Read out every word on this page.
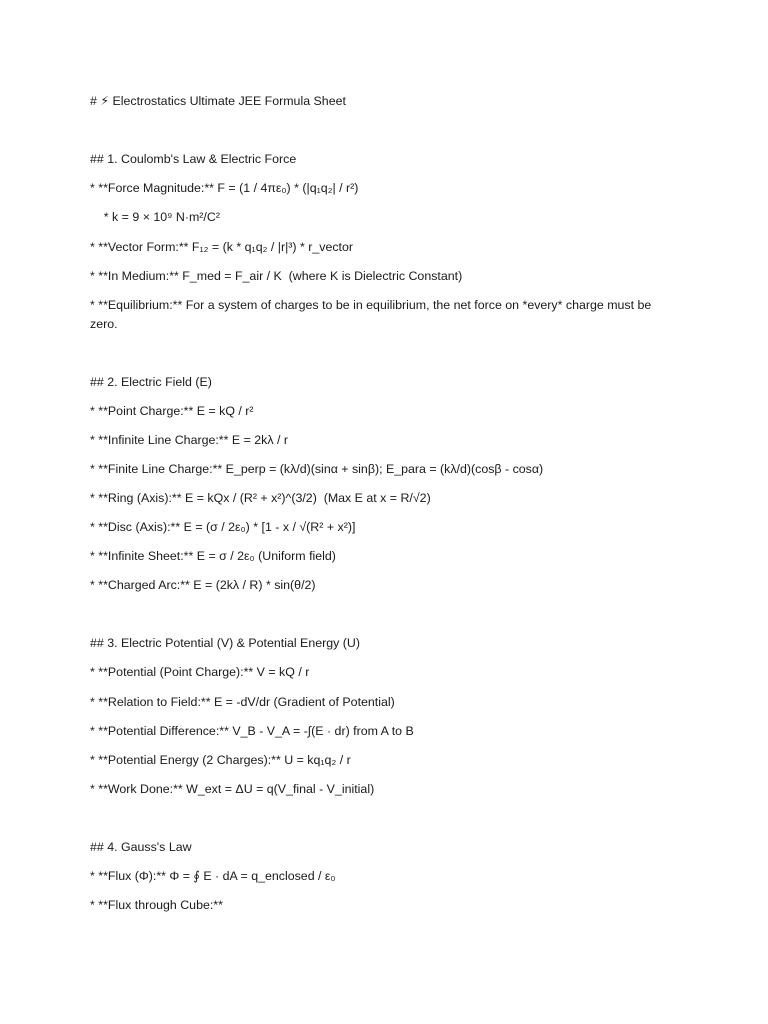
# ⚡ Electrostatics Ultimate JEE Formula Sheet
## 1. Coulomb's Law & Electric Force
* **Force Magnitude:** F = (1 / 4πε₀) * (|q₁q₂| / r²)
* k = 9 × 10⁹ N·m²/C²
* **Vector Form:** F₁₂ = (k * q₁q₂ / |r|³) * r_vector
* **In Medium:** F_med = F_air / K  (where K is Dielectric Constant)
* **Equilibrium:** For a system of charges to be in equilibrium, the net force on *every* charge must be zero.
## 2. Electric Field (E)
* **Point Charge:** E = kQ / r²
* **Infinite Line Charge:** E = 2kλ / r
* **Finite Line Charge:** E_perp = (kλ/d)(sinα + sinβ); E_para = (kλ/d)(cosβ - cosα)
* **Ring (Axis):** E = kQx / (R² + x²)^(3/2)  (Max E at x = R/√2)
* **Disc (Axis):** E = (σ / 2ε₀) * [1 - x / √(R² + x²)]
* **Infinite Sheet:** E = σ / 2ε₀ (Uniform field)
* **Charged Arc:** E = (2kλ / R) * sin(θ/2)
## 3. Electric Potential (V) & Potential Energy (U)
* **Potential (Point Charge):** V = kQ / r
* **Relation to Field:** E = -dV/dr (Gradient of Potential)
* **Potential Difference:** V_B - V_A = -∫(E · dr) from A to B
* **Potential Energy (2 Charges):** U = kq₁q₂ / r
* **Work Done:** W_ext = ΔU = q(V_final - V_initial)
## 4. Gauss's Law
* **Flux (Φ):** Φ = ∮ E · dA = q_enclosed / ε₀
* **Flux through Cube:**
